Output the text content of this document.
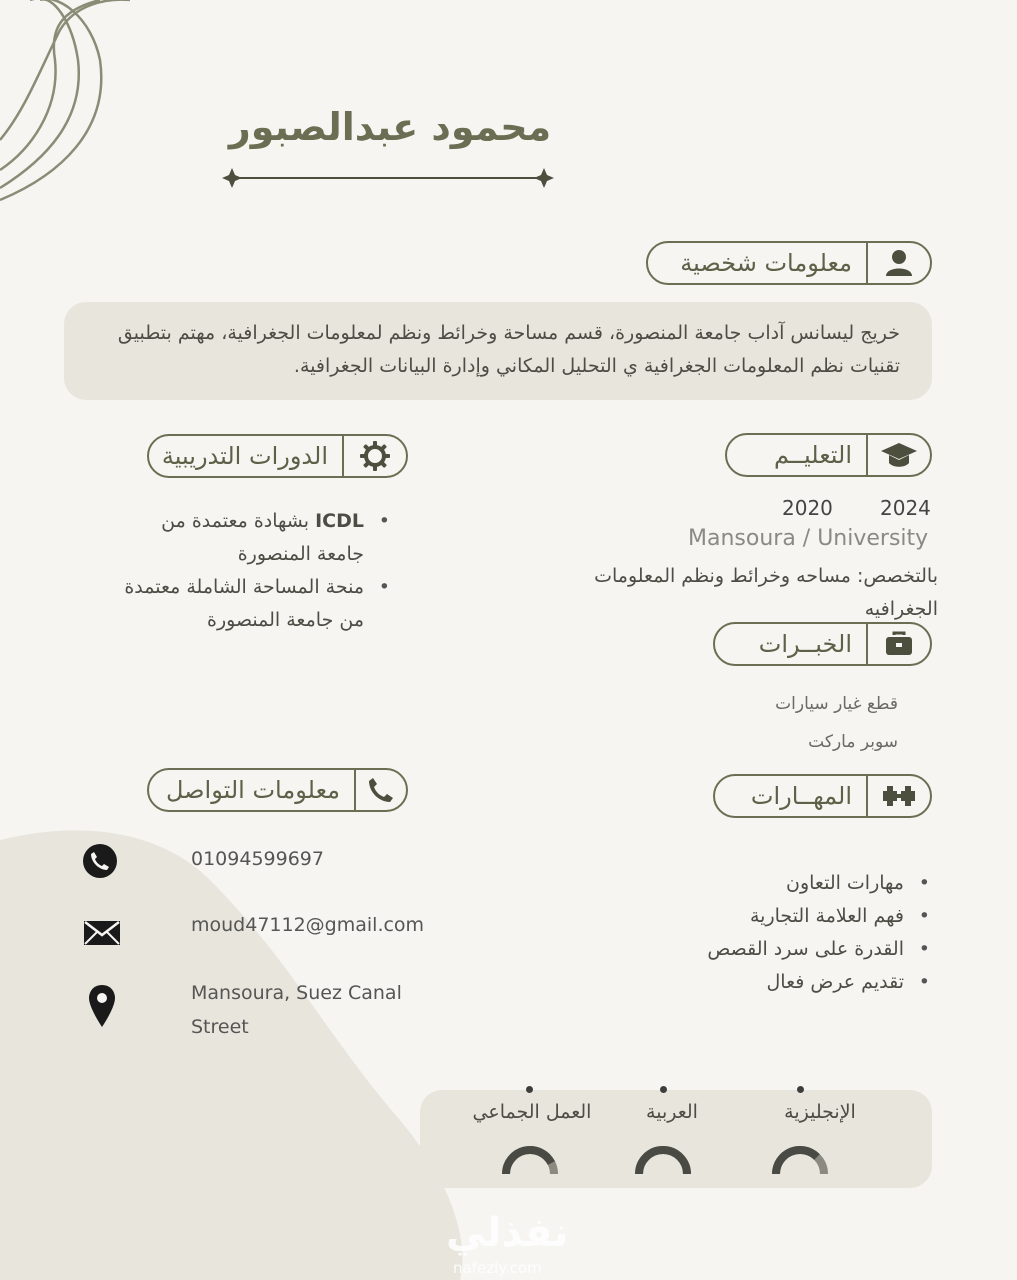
محمود عبدالصبور
معلومات شخصية
خريج ليسانس آداب جامعة المنصورة، قسم مساحة وخرائط ونظم لمعلومات الجغرافية، مهتم بتطبيق تقنيات نظم المعلومات الجغرافية ي التحليل المكاني وإدارة البيانات الجغرافية.
التعليــم
2024
2020
Mansoura / University
بالتخصص: مساحه وخرائط ونظم المعلومات الجغرافيه
الدورات التدريبية
• ICDL بشهادة معتمدة من جامعة المنصورة
• منحة المساحة الشاملة معتمدة من جامعة المنصورة
الخبــرات
قطع غيار سيارات
سوبر ماركت
معلومات التواصل
01094599697
moud47112@gmail.com
Mansoura, Suez Canal Street
المهــارات
• مهارات التعاون
• فهم العلامة التجارية
• القدرة على سرد القصص
• تقديم عرض فعال
الإنجليزية
العربية
العمل الجماعي
نفذلي
nafezly.com
